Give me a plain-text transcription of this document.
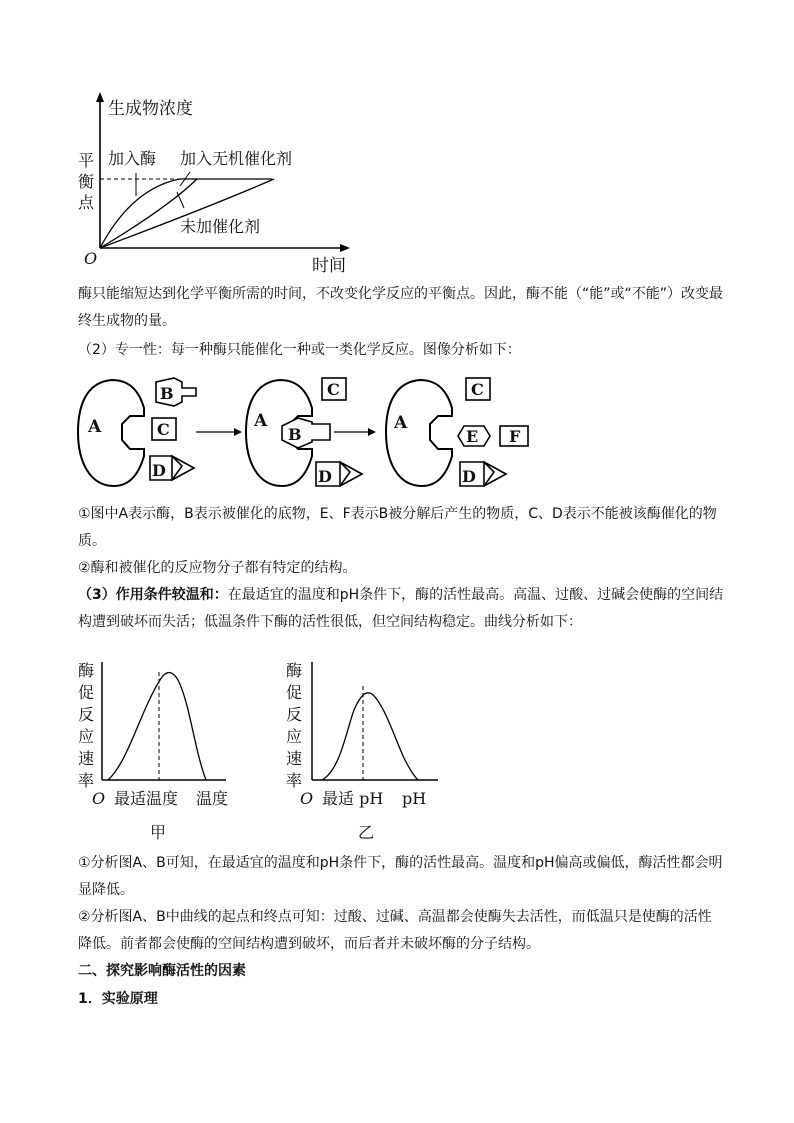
生成物浓度
时间
O
平
衡
点
加入酶 加入无机催化剂
未加催化剂
酶只能缩短达到化学平衡所需的时间，不改变化学反应的平衡点。因此，酶不能（“能”或“不能”）改变最终生成物的量。
（2）专一性：每一种酶只能催化一种或一类化学反应。图像分析如下：
A
B
C
D
A
B
C
D
A
C
E F
D
①图中A表示酶，B表示被催化的底物，E、F表示B被分解后产生的物质，C、D表示不能被该酶催化的物质。
②酶和被催化的反应物分子都有特定的结构。
（3）作用条件较温和：在最适宜的温度和pH条件下，酶的活性最高。高温、过酸、过碱会使酶的空间结构遭到破坏而失活；低温条件下酶的活性很低，但空间结构稳定。曲线分析如下：
酶
促
反
应
速
率
O 最适温度 温度
甲
酶
促
反
应
速
率
O 最适 pH pH
乙
①分析图A、B可知，在最适宜的温度和pH条件下，酶的活性最高。温度和pH偏高或偏低，酶活性都会明显降低。
②分析图A、B中曲线的起点和终点可知：过酸、过碱、高温都会使酶失去活性，而低温只是使酶的活性降低。前者都会使酶的空间结构遭到破坏，而后者并未破坏酶的分子结构。
二、探究影响酶活性的因素
1．实验原理
